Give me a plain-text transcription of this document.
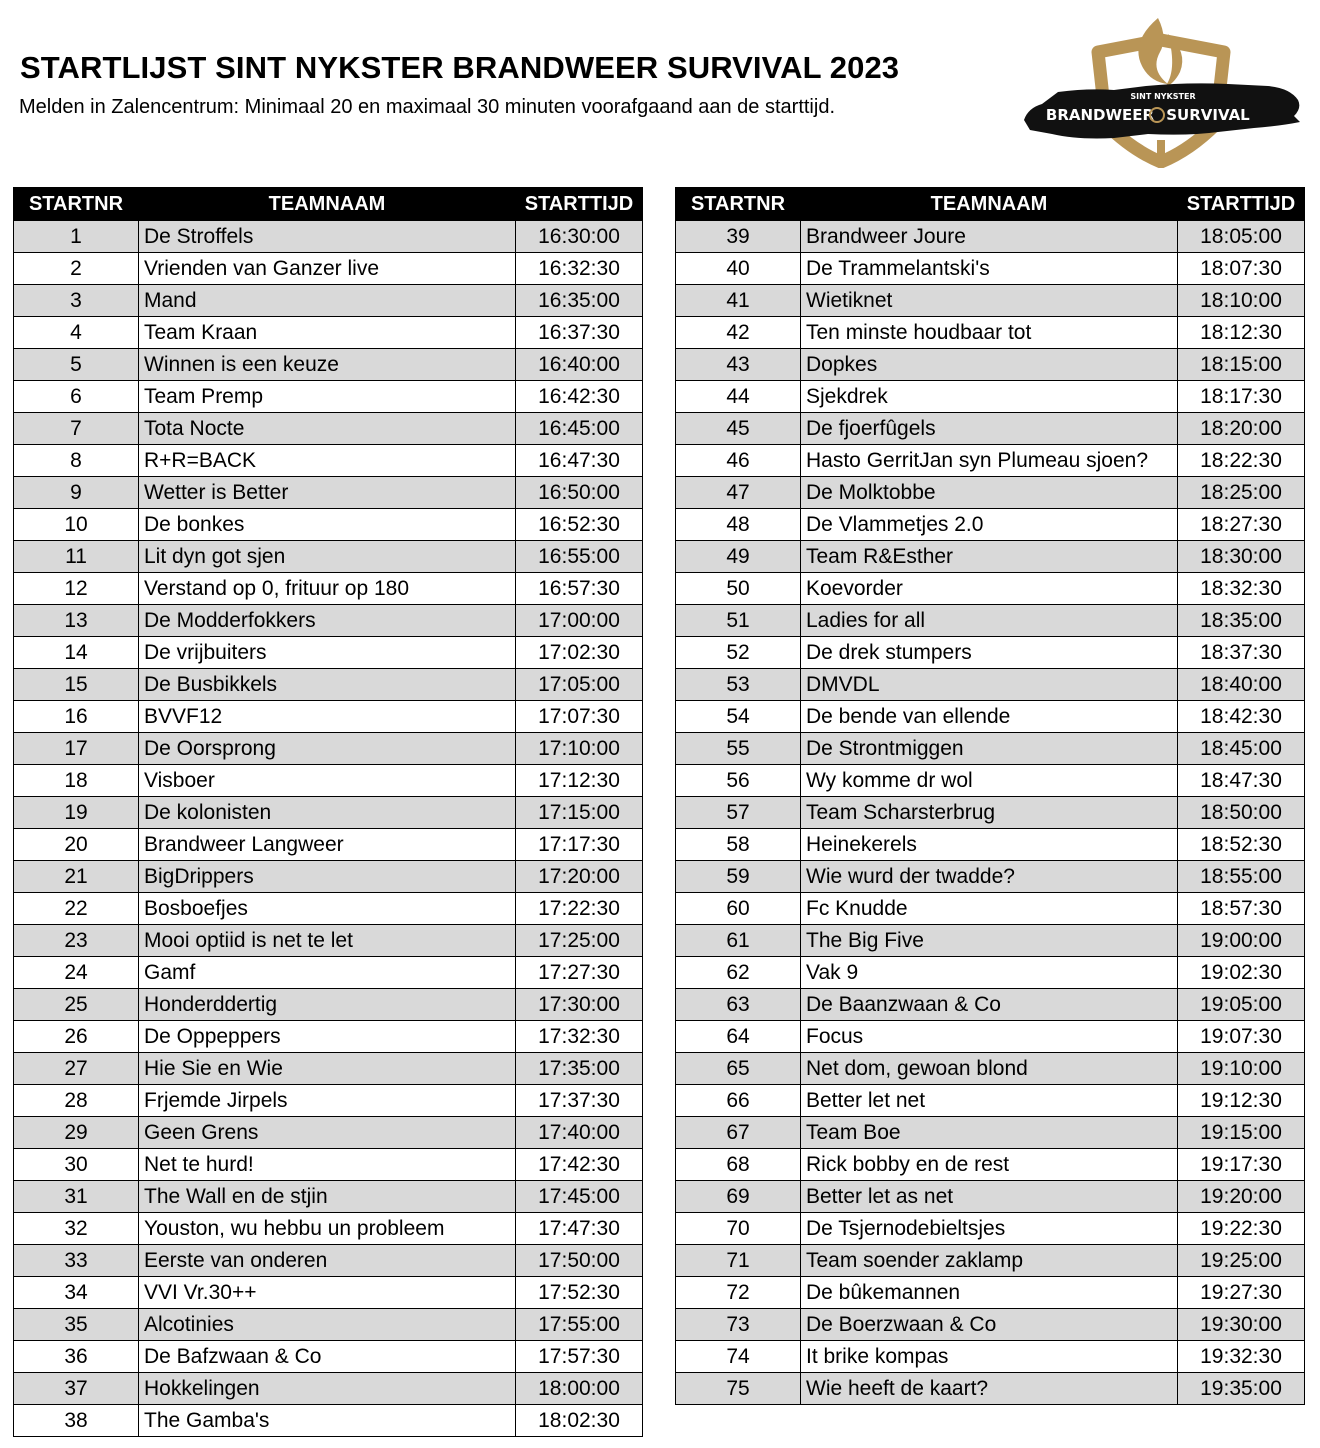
STARTLIJST SINT NYKSTER BRANDWEER SURVIVAL 2023
Melden in Zalencentrum: Minimaal 20 en maximaal 30 minuten voorafgaand aan de starttijd.	SINT NYKSTER
BRANDWEER SURVIVAL
STARTNR	TEAMNAAM	STARTTIJD
1	De Stroffels	16:30:00
2	Vrienden van Ganzer live	16:32:30
3	Mand	16:35:00
4	Team Kraan	16:37:30
5	Winnen is een keuze	16:40:00
6	Team Premp	16:42:30
7	Tota Nocte	16:45:00
8	R+R=BACK	16:47:30
9	Wetter is Better	16:50:00
10	De bonkes	16:52:30
11	Lit dyn got sjen	16:55:00
12	Verstand op 0, frituur op 180	16:57:30
13	De Modderfokkers	17:00:00
14	De vrijbuiters	17:02:30
15	De Busbikkels	17:05:00
16	BVVF12	17:07:30
17	De Oorsprong	17:10:00
18	Visboer	17:12:30
19	De kolonisten	17:15:00
20	Brandweer Langweer	17:17:30
21	BigDrippers	17:20:00
22	Bosboefjes	17:22:30
23	Mooi optiid is net te let	17:25:00
24	Gamf	17:27:30
25	Honderddertig	17:30:00
26	De Oppeppers	17:32:30
27	Hie Sie en Wie	17:35:00
28	Frjemde Jirpels	17:37:30
29	Geen Grens	17:40:00
30	Net te hurd!	17:42:30
31	The Wall en de stjin	17:45:00
32	Youston, wu hebbu un probleem	17:47:30
33	Eerste van onderen	17:50:00
34	VVI Vr.30++	17:52:30
35	Alcotinies	17:55:00
36	De Bafzwaan & Co	17:57:30
37	Hokkelingen	18:00:00
38	The Gamba's	18:02:30
STARTNR	TEAMNAAM	STARTTIJD
39	Brandweer Joure	18:05:00
40	De Trammelantski's	18:07:30
41	Wietiknet	18:10:00
42	Ten minste houdbaar tot	18:12:30
43	Dopkes	18:15:00
44	Sjekdrek	18:17:30
45	De fjoerfûgels	18:20:00
46	Hasto GerritJan syn Plumeau sjoen?	18:22:30
47	De Molktobbe	18:25:00
48	De Vlammetjes 2.0	18:27:30
49	Team R&Esther	18:30:00
50	Koevorder	18:32:30
51	Ladies for all	18:35:00
52	De drek stumpers	18:37:30
53	DMVDL	18:40:00
54	De bende van ellende	18:42:30
55	De Strontmiggen	18:45:00
56	Wy komme dr wol	18:47:30
57	Team Scharsterbrug	18:50:00
58	Heinekerels	18:52:30
59	Wie wurd der twadde?	18:55:00
60	Fc Knudde	18:57:30
61	The Big Five	19:00:00
62	Vak 9	19:02:30
63	De Baanzwaan & Co	19:05:00
64	Focus	19:07:30
65	Net dom, gewoan blond	19:10:00
66	Better let net	19:12:30
67	Team Boe	19:15:00
68	Rick bobby en de rest	19:17:30
69	Better let as net	19:20:00
70	De Tsjernodebieltsjes	19:22:30
71	Team soender zaklamp	19:25:00
72	De bûkemannen	19:27:30
73	De Boerzwaan & Co	19:30:00
74	It brike kompas	19:32:30
75	Wie heeft de kaart?	19:35:00
